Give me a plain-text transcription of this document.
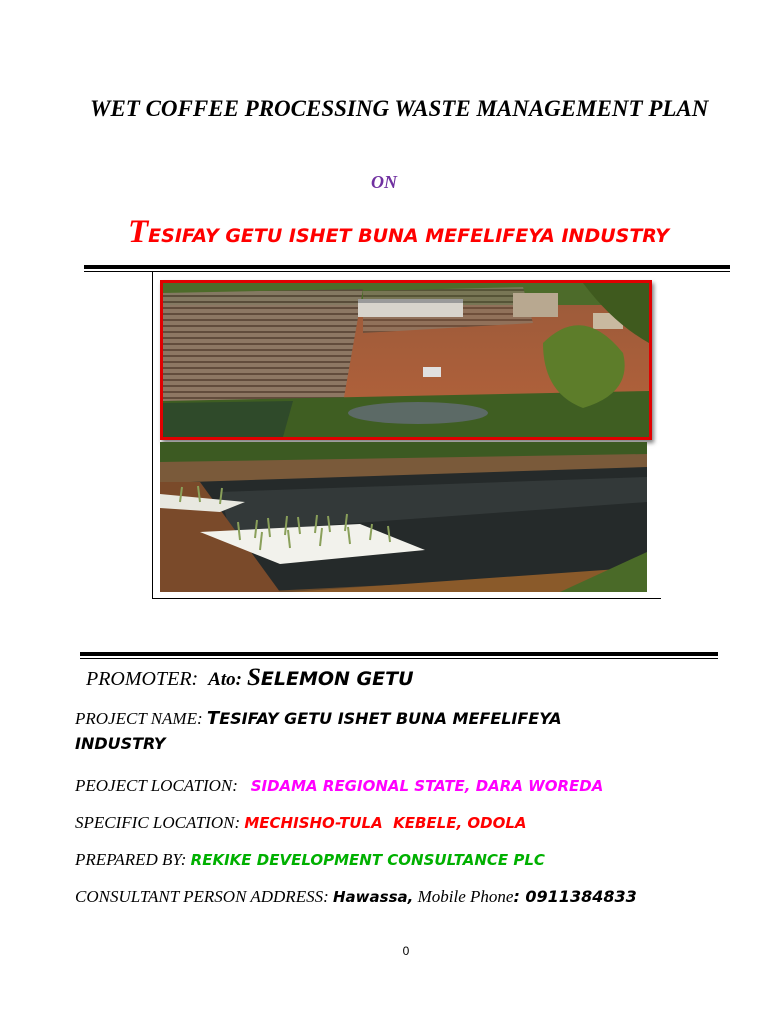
WET COFFEE PROCESSING WASTE MANAGEMENT PLAN
ON
TESIFAY GETU ISHET BUNA MEFELIFEYA INDUSTRY
PROMOTER: Ato: SELEMON GETU
PROJECT NAME: TESIFAY GETU ISHET BUNA MEFELIFEYA
INDUSTRY
PEOJECT LOCATION: SIDAMA REGIONAL STATE, DARA WOREDA
SPECIFIC LOCATION: MECHISHO-TULA  KEBELE, ODOLA
PREPARED BY: REKIKE DEVELOPMENT CONSULTANCE PLC
CONSULTANT PERSON ADDRESS: Hawassa, Mobile Phone: 0911384833
0
